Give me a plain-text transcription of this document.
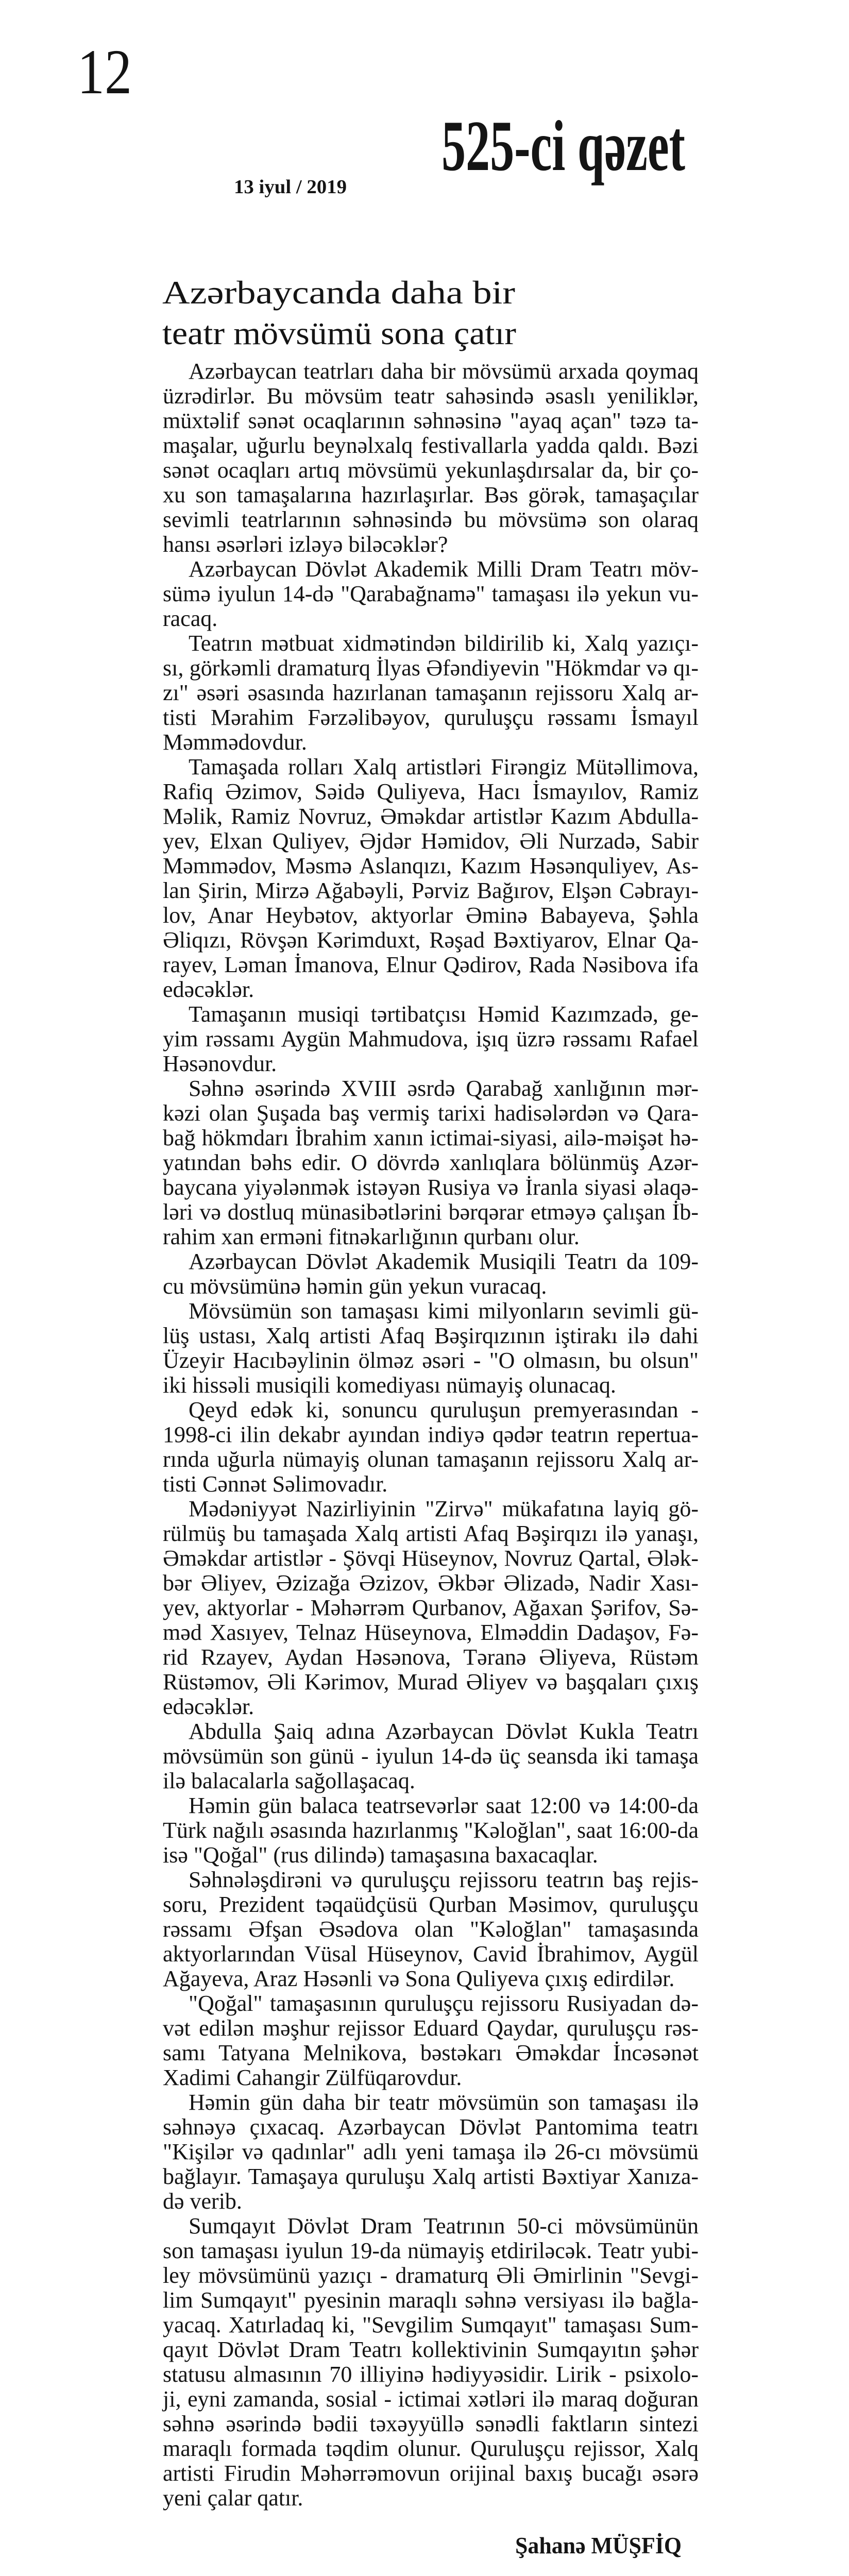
12
525-ci qəzet
13 iyul / 2019
Azərbaycanda daha bir
teatr mövsümü sona çatır
Azərbaycan teatrları daha bir mövsümü arxada qoymaq
üzrədirlər. Bu mövsüm teatr sahəsində əsaslı yeniliklər,
müxtəlif sənət ocaqlarının səhnəsinə "ayaq açan" təzə ta-
maşalar, uğurlu beynəlxalq festivallarla yadda qaldı. Bəzi
sənət ocaqları artıq mövsümü yekunlaşdırsalar da, bir ço-
xu son tamaşalarına hazırlaşırlar. Bəs görək, tamaşaçılar
sevimli teatrlarının səhnəsində bu mövsümə son olaraq
hansı əsərləri izləyə biləcəklər?
Azərbaycan Dövlət Akademik Milli Dram Teatrı möv-
sümə iyulun 14-də "Qarabağnamə" tamaşası ilə yekun vu-
racaq.
Teatrın mətbuat xidmətindən bildirilib ki, Xalq yazıçı-
sı, görkəmli dramaturq İlyas Əfəndiyevin "Hökmdar və qı-
zı" əsəri əsasında hazırlanan tamaşanın rejissoru Xalq ar-
tisti Mərahim Fərzəlibəyov, quruluşçu rəssamı İsmayıl
Məmmədovdur.
Tamaşada rolları Xalq artistləri Firəngiz Mütəllimova,
Rafiq Əzimov, Səidə Quliyeva, Hacı İsmayılov, Ramiz
Məlik, Ramiz Novruz, Əməkdar artistlər Kazım Abdulla-
yev, Elxan Quliyev, Əjdər Həmidov, Əli Nurzadə, Sabir
Məmmədov, Məsmə Aslanqızı, Kazım Həsənquliyev, As-
lan Şirin, Mirzə Ağabəyli, Pərviz Bağırov, Elşən Cəbrayı-
lov, Anar Heybətov, aktyorlar Əminə Babayeva, Şəhla
Əliqızı, Rövşən Kərimduxt, Rəşad Bəxtiyarov, Elnar Qa-
rayev, Ləman İmanova, Elnur Qədirov, Rada Nəsibova ifa
edəcəklər.
Tamaşanın musiqi tərtibatçısı Həmid Kazımzadə, ge-
yim rəssamı Aygün Mahmudova, işıq üzrə rəssamı Rafael
Həsənovdur.
Səhnə əsərində XVIII əsrdə Qarabağ xanlığının mər-
kəzi olan Şuşada baş vermiş tarixi hadisələrdən və Qara-
bağ hökmdarı İbrahim xanın ictimai-siyasi, ailə-məişət hə-
yatından bəhs edir. O dövrdə xanlıqlara bölünmüş Azər-
baycana yiyələnmək istəyən Rusiya və İranla siyasi əlaqə-
ləri və dostluq münasibətlərini bərqərar etməyə çalışan İb-
rahim xan erməni fitnəkarlığının qurbanı olur.
Azərbaycan Dövlət Akademik Musiqili Teatrı da 109-
cu mövsümünə həmin gün yekun vuracaq.
Mövsümün son tamaşası kimi milyonların sevimli gü-
lüş ustası, Xalq artisti Afaq Bəşirqızının iştirakı ilə dahi
Üzeyir Hacıbəylinin ölməz əsəri - "O olmasın, bu olsun"
iki hissəli musiqili komediyası nümayiş olunacaq.
Qeyd edək ki, sonuncu quruluşun premyerasından -
1998-ci ilin dekabr ayından indiyə qədər teatrın repertua-
rında uğurla nümayiş olunan tamaşanın rejissoru Xalq ar-
tisti Cənnət Səlimovadır.
Mədəniyyət Nazirliyinin "Zirvə" mükafatına layiq gö-
rülmüş bu tamaşada Xalq artisti Afaq Bəşirqızı ilə yanaşı,
Əməkdar artistlər - Şövqi Hüseynov, Novruz Qartal, Ələk-
bər Əliyev, Əzizağa Əzizov, Əkbər Əlizadə, Nadir Xası-
yev, aktyorlar - Məhərrəm Qurbanov, Ağaxan Şərifov, Sə-
məd Xasıyev, Telnaz Hüseynova, Elməddin Dadaşov, Fə-
rid Rzayev, Aydan Həsənova, Təranə Əliyeva, Rüstəm
Rüstəmov, Əli Kərimov, Murad Əliyev və başqaları çıxış
edəcəklər.
Abdulla Şaiq adına Azərbaycan Dövlət Kukla Teatrı
mövsümün son günü - iyulun 14-də üç seansda iki tamaşa
ilə balacalarla sağollaşacaq.
Həmin gün balaca teatrsevərlər saat 12:00 və 14:00-da
Türk nağılı əsasında hazırlanmış "Kəloğlan", saat 16:00-da
isə "Qoğal" (rus dilində) tamaşasına baxacaqlar.
Səhnələşdirəni və quruluşçu rejissoru teatrın baş rejis-
soru, Prezident təqaüdçüsü Qurban Məsimov, quruluşçu
rəssamı Əfşan Əsədova olan "Kəloğlan" tamaşasında
aktyorlarından Vüsal Hüseynov, Cavid İbrahimov, Aygül
Ağayeva, Araz Həsənli və Sona Quliyeva çıxış edirdilər.
"Qoğal" tamaşasının quruluşçu rejissoru Rusiyadan də-
vət edilən məşhur rejissor Eduard Qaydar, quruluşçu rəs-
samı Tatyana Melnikova, bəstəkarı Əməkdar İncəsənət
Xadimi Cahangir Zülfüqarovdur.
Həmin gün daha bir teatr mövsümün son tamaşası ilə
səhnəyə çıxacaq. Azərbaycan Dövlət Pantomima teatrı
"Kişilər və qadınlar" adlı yeni tamaşa ilə 26-cı mövsümü
bağlayır. Tamaşaya quruluşu Xalq artisti Bəxtiyar Xanıza-
də verib.
Sumqayıt Dövlət Dram Teatrının 50-ci mövsümünün
son tamaşası iyulun 19-da nümayiş etdiriləcək. Teatr yubi-
ley mövsümünü yazıçı - dramaturq Əli Əmirlinin "Sevgi-
lim Sumqayıt" pyesinin maraqlı səhnə versiyası ilə bağla-
yacaq. Xatırladaq ki, "Sevgilim Sumqayıt" tamaşası Sum-
qayıt Dövlət Dram Teatrı kollektivinin Sumqayıtın şəhər
statusu almasının 70 illiyinə hədiyyəsidir. Lirik - psixolo-
ji, eyni zamanda, sosial - ictimai xətləri ilə maraq doğuran
səhnə əsərində bədii təxəyyüllə sənədli faktların sintezi
maraqlı formada təqdim olunur. Quruluşçu rejissor, Xalq
artisti Firudin Məhərrəmovun orijinal baxış bucağı əsərə
yeni çalar qatır.
Şahanə MÜŞFİQ
